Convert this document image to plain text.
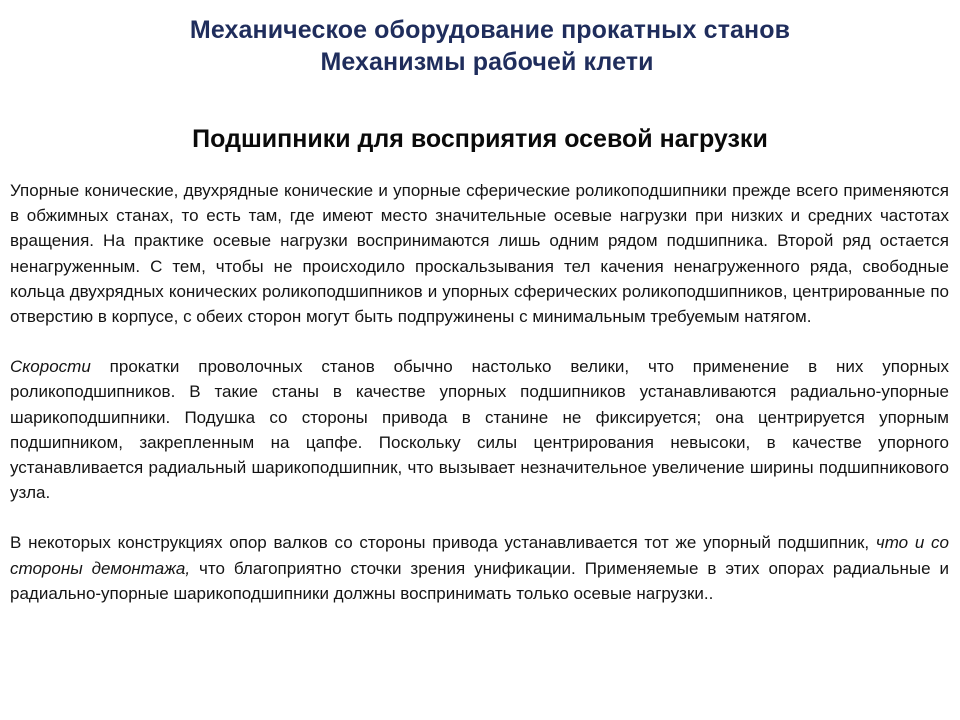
Механическое оборудование прокатных станов
Механизмы рабочей клети
Подшипники для восприятия осевой нагрузки

Упорные конические, двухрядные конические и упорные сферические роликоподшипники прежде всего применяются в обжимных станах, то есть там, где имеют место значительные осевые нагрузки при низких и средних частотах вращения. На практике осевые нагрузки воспринимаются лишь одним рядом подшипника. Второй ряд остается ненагруженным. С тем, чтобы не происходило проскальзывания тел качения ненагруженного ряда, свободные кольца двухрядных конических роликоподшипников и упорных сферических роликоподшипников, центрированные по отверстию в корпусе, с обеих сторон могут быть подпружинены с минимальным требуемым натягом.

Скорости прокатки проволочных станов обычно настолько велики, что применение в них упорных роликоподшипников. В такие станы в качестве упорных подшипников устанавливаются радиально-упорные шарикоподшипники. Подушка со стороны привода в станине не фиксируется; она центрируется упорным подшипником, закрепленным на цапфе. Поскольку силы центрирования невысоки, в качестве упорного устанавливается радиальный шарикоподшипник, что вызывает незначительное увеличение ширины подшипникового узла.

В некоторых конструкциях опор валков со стороны привода устанавливается тот же упорный подшипник, что и со стороны демонтажа, что благоприятно сточки зрения унификации. Применяемые в этих опорах радиальные и радиально-упорные шарикоподшипники должны воспринимать только осевые нагрузки..
